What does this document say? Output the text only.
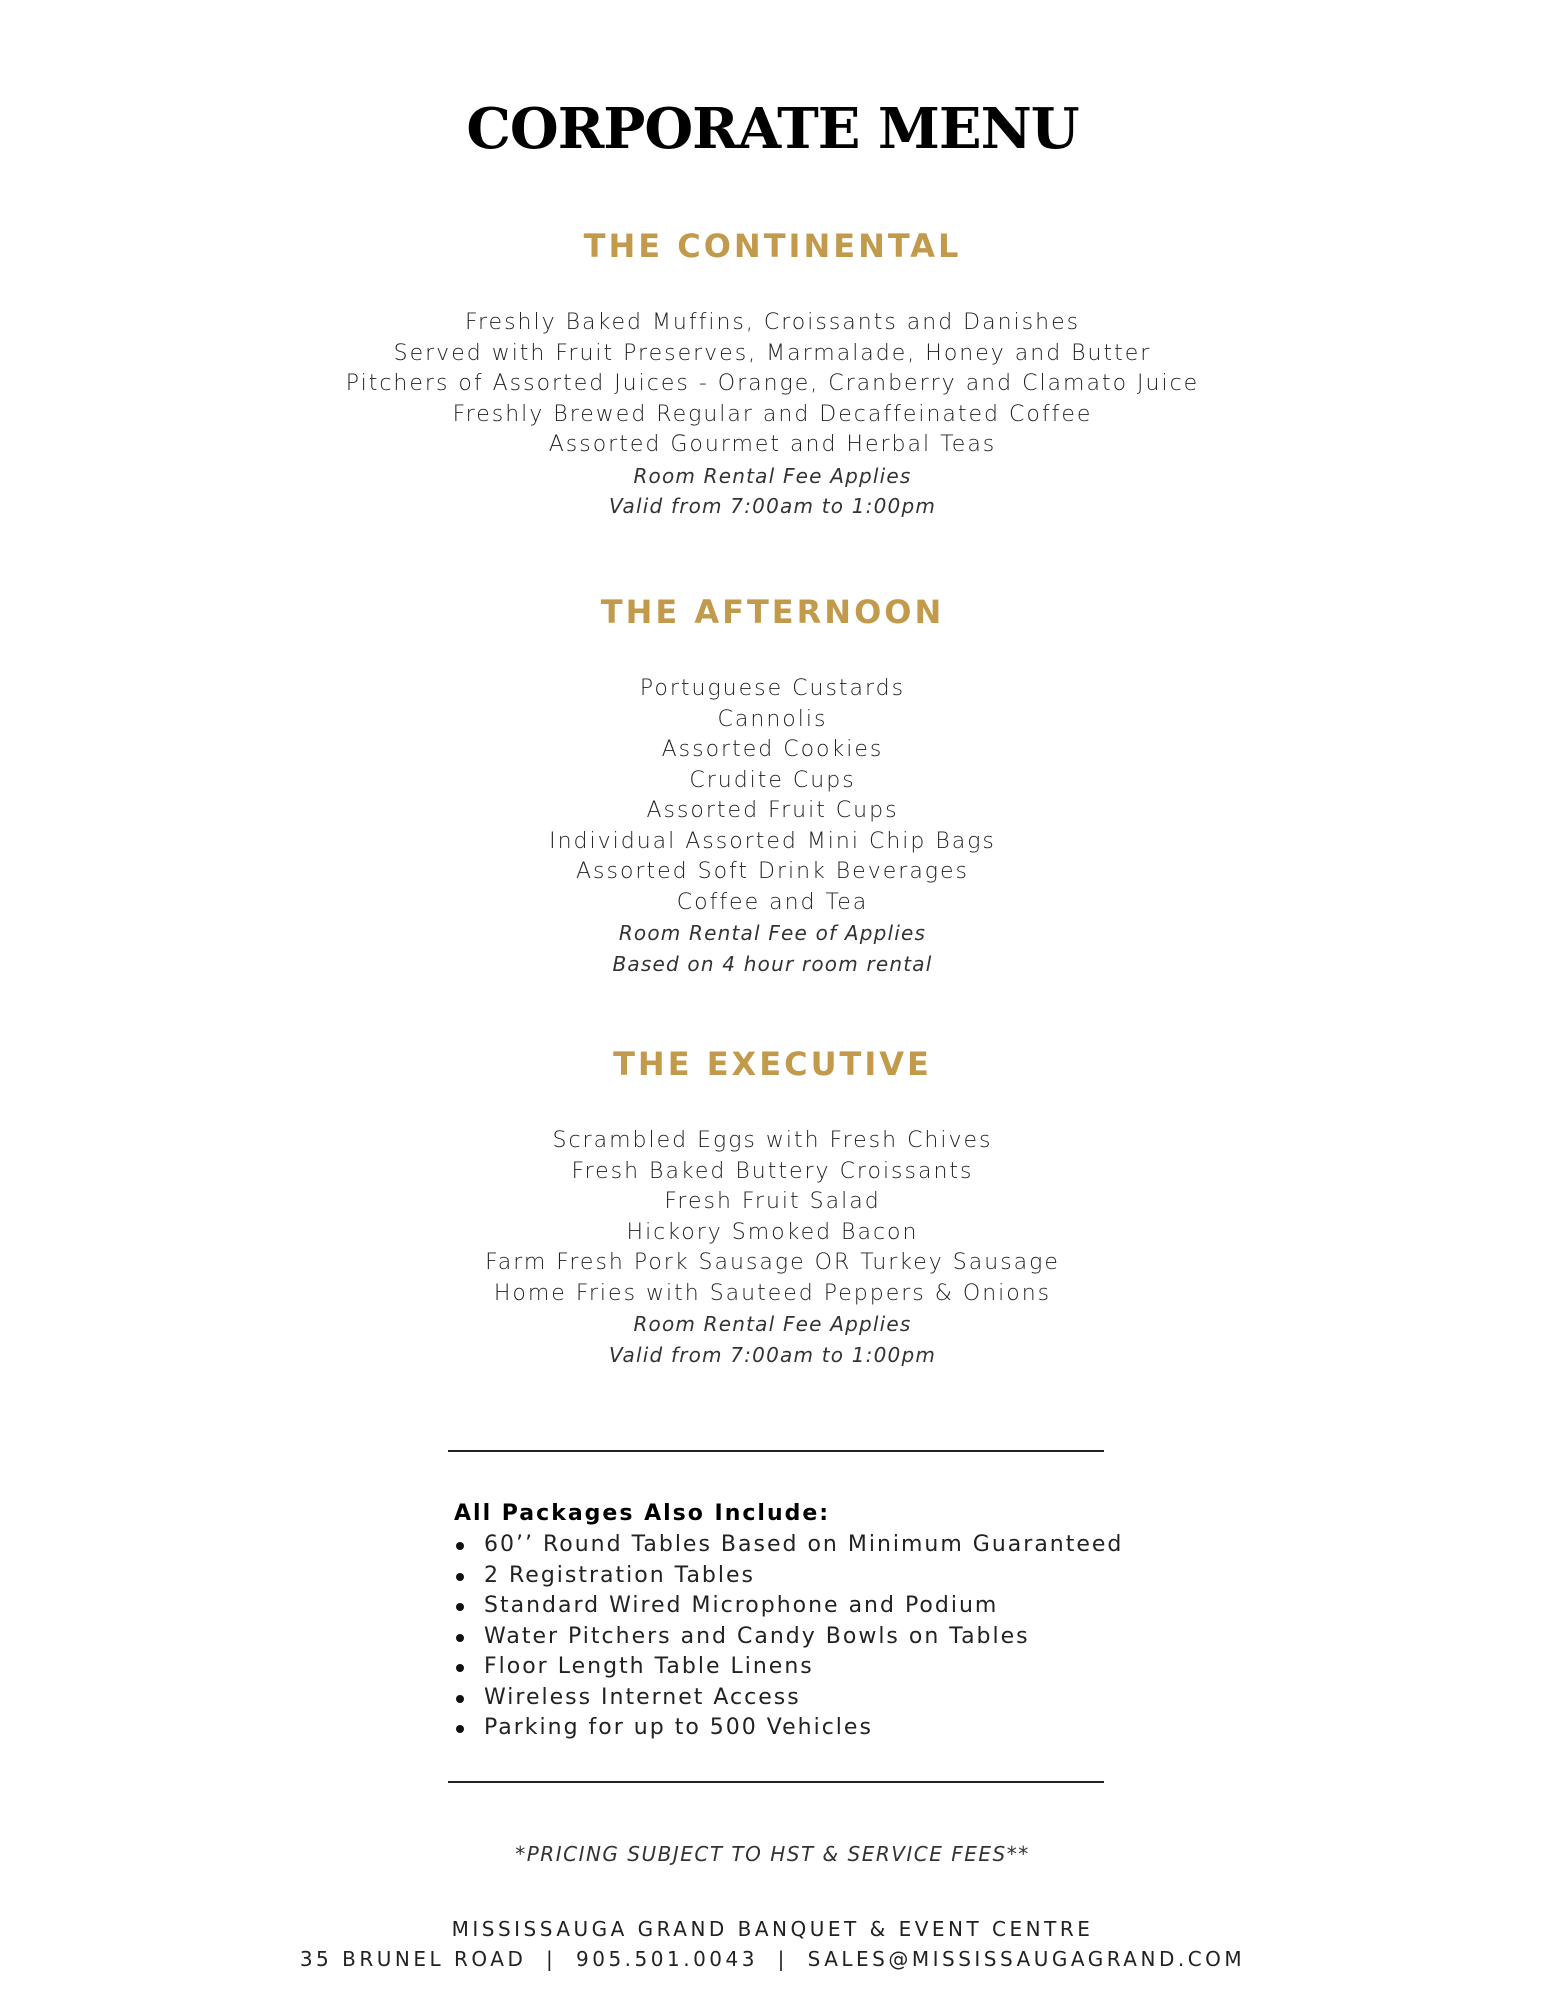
CORPORATE MENU
THE CONTINENTAL

Freshly Baked Muffins, Croissants and Danishes

Served with Fruit Preserves, Marmalade, Honey and Butter

Pitchers of Assorted Juices - Orange, Cranberry and Clamato Juice

Freshly Brewed Regular and Decaffeinated Coffee

Assorted Gourmet and Herbal Teas

Room Rental Fee Applies

Valid from 7:00am to 1:00pm

THE AFTERNOON

Portuguese Custards

Cannolis

Assorted Cookies

Crudite Cups

Assorted Fruit Cups

Individual Assorted Mini Chip Bags

Assorted Soft Drink Beverages

Coffee and Tea

Room Rental Fee of Applies

Based on 4 hour room rental

THE EXECUTIVE

Scrambled Eggs with Fresh Chives

Fresh Baked Buttery Croissants

Fresh Fruit Salad

Hickory Smoked Bacon

Farm Fresh Pork Sausage OR Turkey Sausage

Home Fries with Sauteed Peppers & Onions

Room Rental Fee Applies

Valid from 7:00am to 1:00pm

All Packages Also Include:

60’’ Round Tables Based on Minimum Guaranteed
2 Registration Tables
Standard Wired Microphone and Podium
Water Pitchers and Candy Bowls on Tables
Floor Length Table Linens
Wireless Internet Access
Parking for up to 500 Vehicles

*PRICING SUBJECT TO HST & SERVICE FEES**

MISSISSAUGA GRAND BANQUET & EVENT CENTRE

35 BRUNEL ROAD  |  905.501.0043  |  SALES@MISSISSAUGAGRAND.COM
